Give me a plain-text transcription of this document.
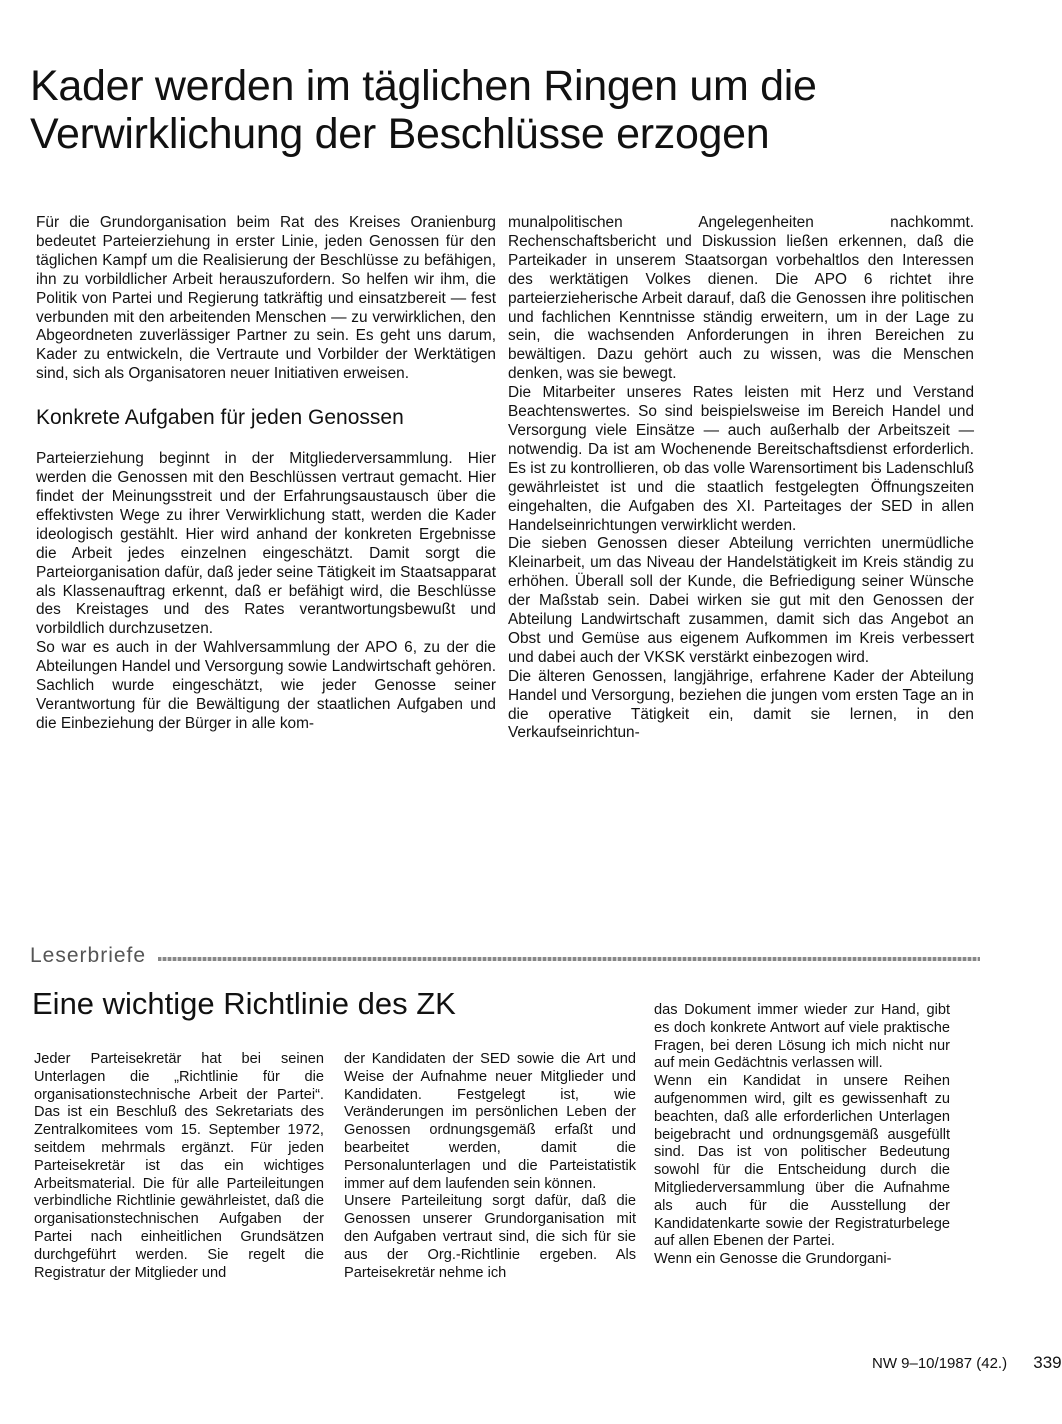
Kader werden im täglichen Ringen um die Verwirklichung der Beschlüsse erzogen

Für die Grundorganisation beim Rat des Kreises Oranienburg bedeutet Parteierziehung in erster Linie, jeden Genossen für den täglichen Kampf um die Realisierung der Beschlüsse zu befähigen, ihn zu vorbildlicher Arbeit herauszufordern. So helfen wir ihm, die Politik von Partei und Regierung tatkräftig und einsatzbereit — fest verbunden mit den arbeitenden Menschen — zu verwirklichen, den Abgeordneten zuverlässiger Partner zu sein. Es geht uns darum, Kader zu entwickeln, die Vertraute und Vorbilder der Werktätigen sind, sich als Organisatoren neuer Initiativen erweisen.

Konkrete Aufgaben für jeden Genossen

Parteierziehung beginnt in der Mitgliederversammlung. Hier werden die Genossen mit den Beschlüssen vertraut gemacht. Hier findet der Meinungsstreit und der Erfahrungsaustausch über die effektivsten Wege zu ihrer Verwirklichung statt, werden die Kader ideologisch gestählt. Hier wird anhand der konkreten Ergebnisse die Arbeit jedes einzelnen eingeschätzt. Damit sorgt die Parteiorganisation dafür, daß jeder seine Tätigkeit im Staatsapparat als Klassenauftrag erkennt, daß er befähigt wird, die Beschlüsse des Kreistages und des Rates verantwortungsbewußt und vorbildlich durchzusetzen.

So war es auch in der Wahlversammlung der APO 6, zu der die Abteilungen Handel und Versorgung sowie Landwirtschaft gehören. Sachlich wurde eingeschätzt, wie jeder Genosse seiner Verantwortung für die Bewältigung der staatlichen Aufgaben und die Einbeziehung der Bürger in alle kom-

munalpolitischen Angelegenheiten nachkommt. Rechenschaftsbericht und Diskussion ließen erkennen, daß die Parteikader in unserem Staatsorgan vorbehaltlos den Interessen des werktätigen Volkes dienen. Die APO 6 richtet ihre parteierzieherische Arbeit darauf, daß die Genossen ihre politischen und fachlichen Kenntnisse ständig erweitern, um in der Lage zu sein, die wachsenden Anforderungen in ihren Bereichen zu bewältigen. Dazu gehört auch zu wissen, was die Menschen denken, was sie bewegt.

Die Mitarbeiter unseres Rates leisten mit Herz und Verstand Beachtenswertes. So sind beispielsweise im Bereich Handel und Versorgung viele Einsätze — auch außerhalb der Arbeitszeit — notwendig. Da ist am Wochenende Bereitschaftsdienst erforderlich. Es ist zu kontrollieren, ob das volle Warensortiment bis Ladenschluß gewährleistet ist und die staatlich festgelegten Öffnungszeiten eingehalten, die Aufgaben des XI. Parteitages der SED in allen Handelseinrichtungen verwirklicht werden.

Die sieben Genossen dieser Abteilung verrichten unermüdliche Kleinarbeit, um das Niveau der Handelstätigkeit im Kreis ständig zu erhöhen. Überall soll der Kunde, die Befriedigung seiner Wünsche der Maßstab sein. Dabei wirken sie gut mit den Genossen der Abteilung Landwirtschaft zusammen, damit sich das Angebot an Obst und Gemüse aus eigenem Aufkommen im Kreis verbessert und dabei auch der VKSK verstärkt einbezogen wird.

Die älteren Genossen, langjährige, erfahrene Kader der Abteilung Handel und Versorgung, beziehen die jungen vom ersten Tage an in die operative Tätigkeit ein, damit sie lernen, in den Verkaufseinrichtun-

Leserbriefe
Eine wichtige Richtlinie des ZK

Jeder Parteisekretär hat bei seinen Unterlagen die „Richtlinie für die organisationstechnische Arbeit der Partei“. Das ist ein Beschluß des Sekretariats des Zentralkomitees vom 15. September 1972, seitdem mehrmals ergänzt. Für jeden Parteisekretär ist das ein wichtiges Arbeitsmaterial. Die für alle Parteileitungen verbindliche Richtlinie gewährleistet, daß die organisationstechnischen Aufgaben der Partei nach einheitlichen Grundsätzen durchgeführt werden. Sie regelt die Registratur der Mitglieder und

der Kandidaten der SED sowie die Art und Weise der Aufnahme neuer Mitglieder und Kandidaten. Festgelegt ist, wie Veränderungen im persönlichen Leben der Genossen ordnungsgemäß erfaßt und bearbeitet werden, damit die Personalunterlagen und die Parteistatistik immer auf dem laufenden sein können.

Unsere Parteileitung sorgt dafür, daß die Genossen unserer Grundorganisation mit den Aufgaben vertraut sind, die sich für sie aus der Org.-Richtlinie ergeben. Als Parteisekretär nehme ich

das Dokument immer wieder zur Hand, gibt es doch konkrete Antwort auf viele praktische Fragen, bei deren Lösung ich mich nicht nur auf mein Gedächtnis verlassen will.

Wenn ein Kandidat in unsere Reihen aufgenommen wird, gilt es gewissenhaft zu beachten, daß alle erforderlichen Unterlagen beigebracht und ordnungsgemäß ausgefüllt sind. Das ist von politischer Bedeutung sowohl für die Entscheidung durch die Mitgliederversammlung über die Aufnahme als auch für die Ausstellung der Kandidatenkarte sowie der Registraturbelege auf allen Ebenen der Partei.

Wenn ein Genosse die Grundorgani-

NW 9–10/1987 (42.) 339
